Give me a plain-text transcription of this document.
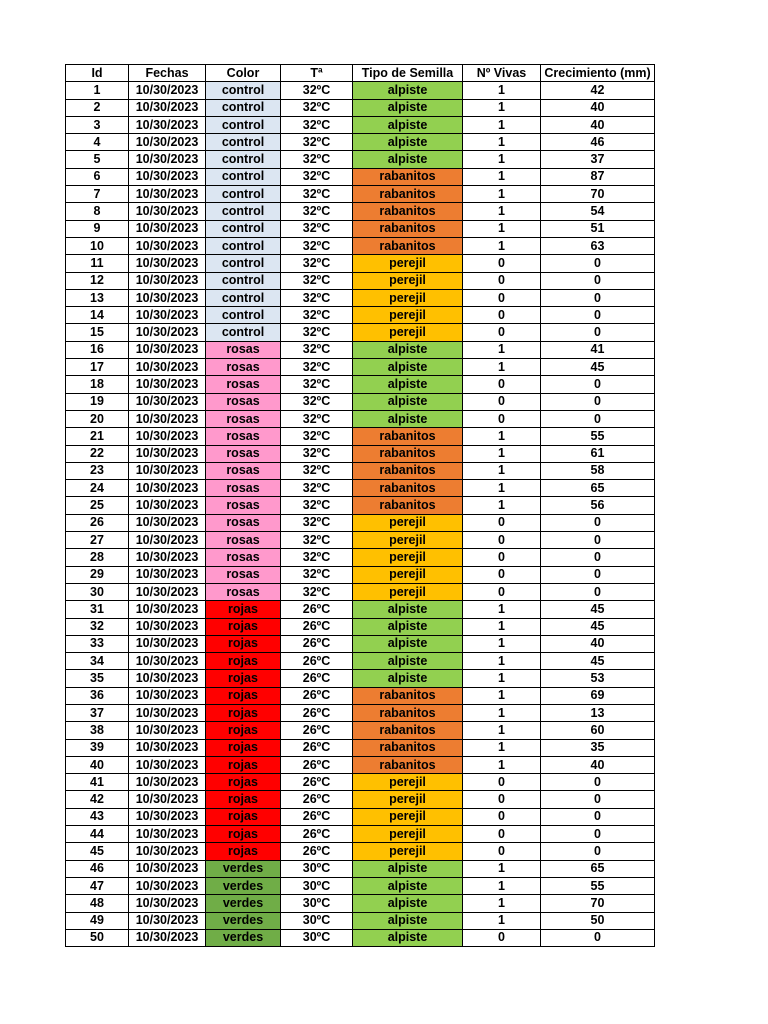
Id	Fechas	Color	Tª	Tipo de Semilla	Nº Vivas	Crecimiento (mm)
1	10/30/2023	control	32ºC	alpiste	1	42
2	10/30/2023	control	32ºC	alpiste	1	40
3	10/30/2023	control	32ºC	alpiste	1	40
4	10/30/2023	control	32ºC	alpiste	1	46
5	10/30/2023	control	32ºC	alpiste	1	37
6	10/30/2023	control	32ºC	rabanitos	1	87
7	10/30/2023	control	32ºC	rabanitos	1	70
8	10/30/2023	control	32ºC	rabanitos	1	54
9	10/30/2023	control	32ºC	rabanitos	1	51
10	10/30/2023	control	32ºC	rabanitos	1	63
11	10/30/2023	control	32ºC	perejil	0	0
12	10/30/2023	control	32ºC	perejil	0	0
13	10/30/2023	control	32ºC	perejil	0	0
14	10/30/2023	control	32ºC	perejil	0	0
15	10/30/2023	control	32ºC	perejil	0	0
16	10/30/2023	rosas	32ºC	alpiste	1	41
17	10/30/2023	rosas	32ºC	alpiste	1	45
18	10/30/2023	rosas	32ºC	alpiste	0	0
19	10/30/2023	rosas	32ºC	alpiste	0	0
20	10/30/2023	rosas	32ºC	alpiste	0	0
21	10/30/2023	rosas	32ºC	rabanitos	1	55
22	10/30/2023	rosas	32ºC	rabanitos	1	61
23	10/30/2023	rosas	32ºC	rabanitos	1	58
24	10/30/2023	rosas	32ºC	rabanitos	1	65
25	10/30/2023	rosas	32ºC	rabanitos	1	56
26	10/30/2023	rosas	32ºC	perejil	0	0
27	10/30/2023	rosas	32ºC	perejil	0	0
28	10/30/2023	rosas	32ºC	perejil	0	0
29	10/30/2023	rosas	32ºC	perejil	0	0
30	10/30/2023	rosas	32ºC	perejil	0	0
31	10/30/2023	rojas	26ºC	alpiste	1	45
32	10/30/2023	rojas	26ºC	alpiste	1	45
33	10/30/2023	rojas	26ºC	alpiste	1	40
34	10/30/2023	rojas	26ºC	alpiste	1	45
35	10/30/2023	rojas	26ºC	alpiste	1	53
36	10/30/2023	rojas	26ºC	rabanitos	1	69
37	10/30/2023	rojas	26ºC	rabanitos	1	13
38	10/30/2023	rojas	26ºC	rabanitos	1	60
39	10/30/2023	rojas	26ºC	rabanitos	1	35
40	10/30/2023	rojas	26ºC	rabanitos	1	40
41	10/30/2023	rojas	26ºC	perejil	0	0
42	10/30/2023	rojas	26ºC	perejil	0	0
43	10/30/2023	rojas	26ºC	perejil	0	0
44	10/30/2023	rojas	26ºC	perejil	0	0
45	10/30/2023	rojas	26ºC	perejil	0	0
46	10/30/2023	verdes	30ºC	alpiste	1	65
47	10/30/2023	verdes	30ºC	alpiste	1	55
48	10/30/2023	verdes	30ºC	alpiste	1	70
49	10/30/2023	verdes	30ºC	alpiste	1	50
50	10/30/2023	verdes	30ºC	alpiste	0	0
